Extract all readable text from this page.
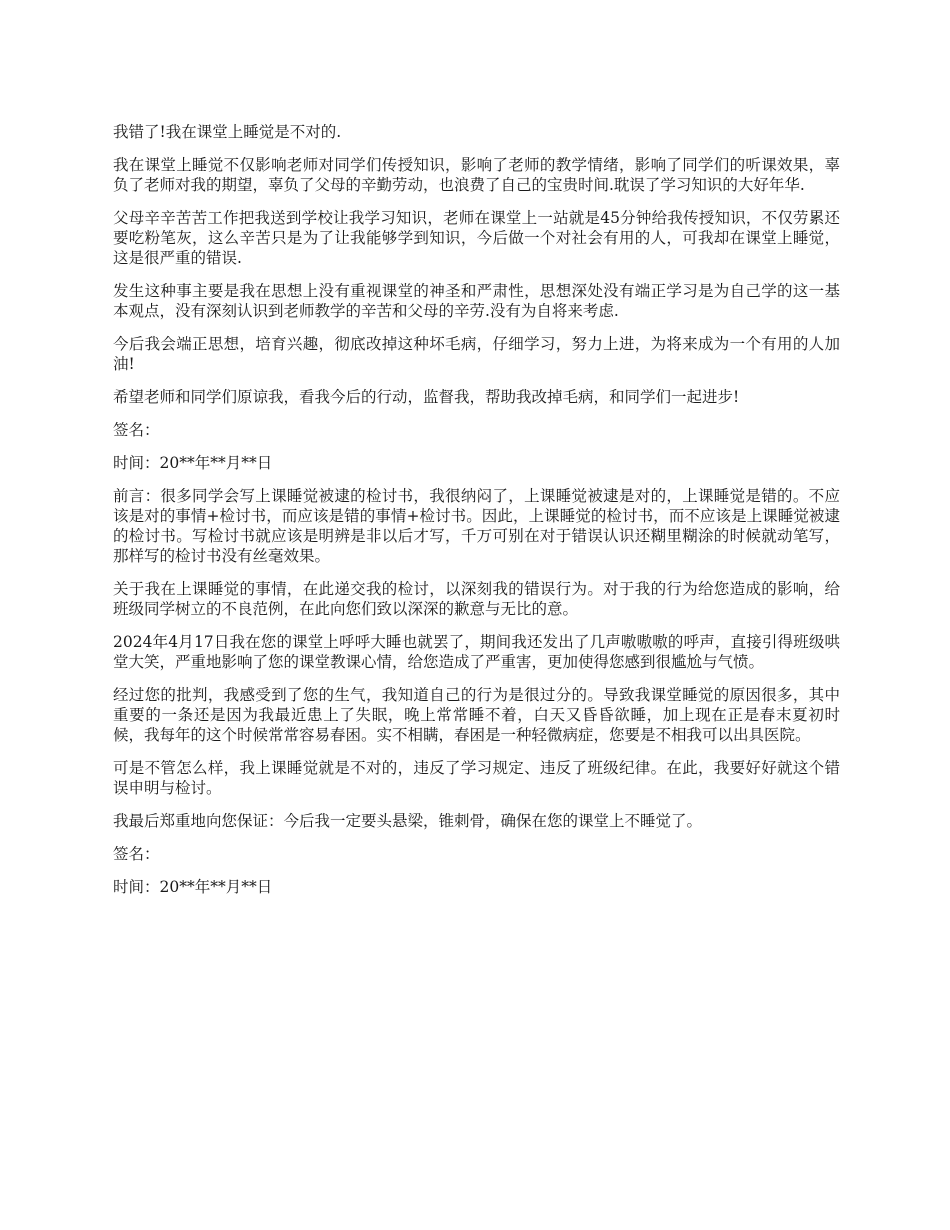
我错了!我在课堂上睡觉是不对的.

我在课堂上睡觉不仅影响老师对同学们传授知识，影响了老师的教学情绪，影响了同学们的听课效果，辜负了老师对我的期望，辜负了父母的辛勤劳动，也浪费了自己的宝贵时间.耽误了学习知识的大好年华.

父母辛辛苦苦工作把我送到学校让我学习知识，老师在课堂上一站就是45分钟给我传授知识，不仅劳累还要吃粉笔灰，这么辛苦只是为了让我能够学到知识，今后做一个对社会有用的人，可我却在课堂上睡觉，这是很严重的错误.

发生这种事主要是我在思想上没有重视课堂的神圣和严肃性，思想深处没有端正学习是为自己学的这一基本观点，没有深刻认识到老师教学的辛苦和父母的辛劳.没有为自将来考虑.

今后我会端正思想，培育兴趣，彻底改掉这种坏毛病，仔细学习，努力上进，为将来成为一个有用的人加油!

希望老师和同学们原谅我，看我今后的行动，监督我，帮助我改掉毛病，和同学们一起进步!

签名：

时间：20**年**月**日

前言：很多同学会写上课睡觉被逮的检讨书，我很纳闷了，上课睡觉被逮是对的，上课睡觉是错的。不应该是对的事情+检讨书，而应该是错的事情+检讨书。因此，上课睡觉的检讨书，而不应该是上课睡觉被逮的检讨书。写检讨书就应该是明辨是非以后才写，千万可别在对于错误认识还糊里糊涂的时候就动笔写，那样写的检讨书没有丝毫效果。

关于我在上课睡觉的事情，在此递交我的检讨，以深刻我的错误行为。对于我的行为给您造成的影响，给班级同学树立的不良范例，在此向您们致以深深的歉意与无比的意。

2024年4月17日我在您的课堂上呼呼大睡也就罢了，期间我还发出了几声嗷嗷嗷的呼声，直接引得班级哄堂大笑，严重地影响了您的课堂教课心情，给您造成了严重害，更加使得您感到很尴尬与气愤。

经过您的批判，我感受到了您的生气，我知道自己的行为是很过分的。导致我课堂睡觉的原因很多，其中重要的一条还是因为我最近患上了失眠，晚上常常睡不着，白天又昏昏欲睡，加上现在正是春末夏初时候，我每年的这个时候常常容易春困。实不相瞒，春困是一种轻微病症，您要是不相我可以出具医院。

可是不管怎么样，我上课睡觉就是不对的，违反了学习规定、违反了班级纪律。在此，我要好好就这个错误申明与检讨。

我最后郑重地向您保证：今后我一定要头悬梁，锥刺骨，确保在您的课堂上不睡觉了。

签名：

时间：20**年**月**日
